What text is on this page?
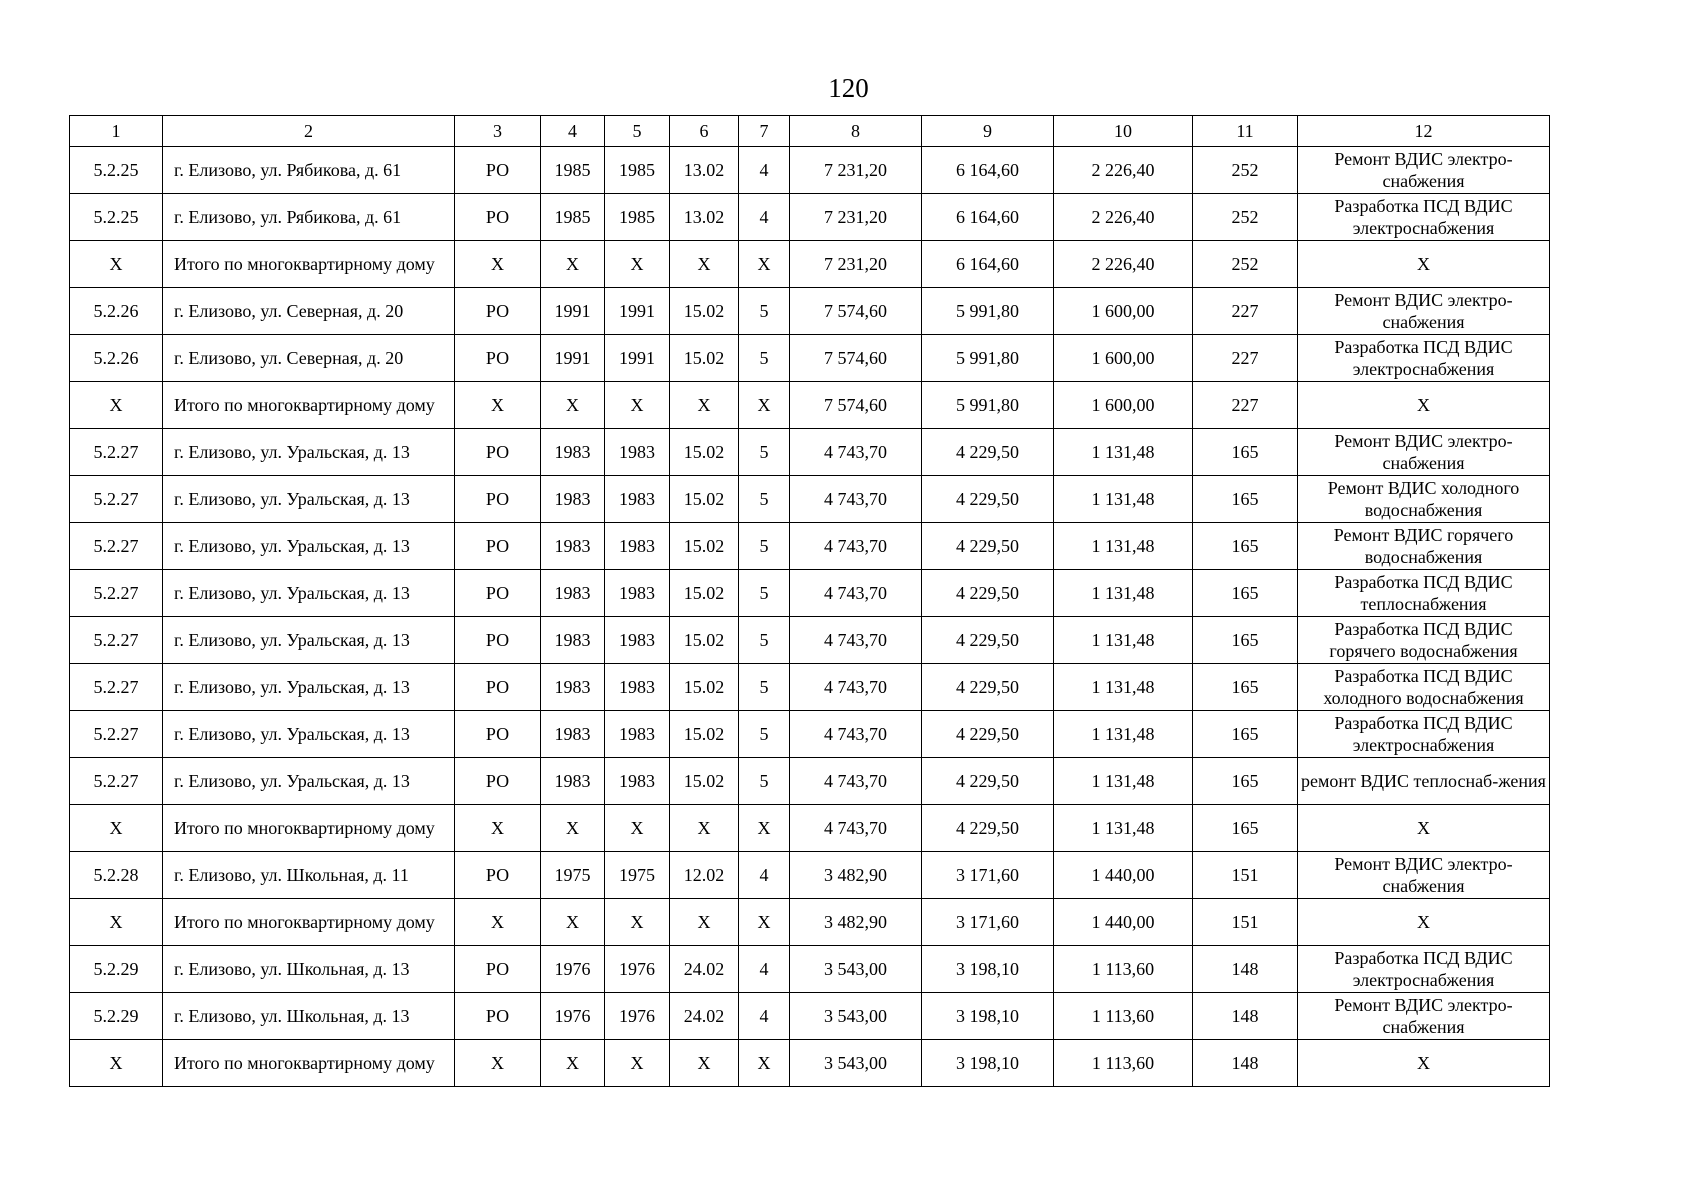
120
1	2	3	4	5	6	7	8	9	10	11	12
5.2.25	г. Елизово, ул. Рябикова, д. 61	РО	1985	1985	13.02	4	7 231,20	6 164,60	2 226,40	252	Ремонт ВДИС электро-снабжения
5.2.25	г. Елизово, ул. Рябикова, д. 61	РО	1985	1985	13.02	4	7 231,20	6 164,60	2 226,40	252	Разработка ПСД ВДИС электроснабжения
Х	Итого по многоквартирному дому	Х	Х	Х	Х	Х	7 231,20	6 164,60	2 226,40	252	Х
5.2.26	г. Елизово, ул. Северная, д. 20	РО	1991	1991	15.02	5	7 574,60	5 991,80	1 600,00	227	Ремонт ВДИС электро-снабжения
5.2.26	г. Елизово, ул. Северная, д. 20	РО	1991	1991	15.02	5	7 574,60	5 991,80	1 600,00	227	Разработка ПСД ВДИС электроснабжения
Х	Итого по многоквартирному дому	Х	Х	Х	Х	Х	7 574,60	5 991,80	1 600,00	227	Х
5.2.27	г. Елизово, ул. Уральская, д. 13	РО	1983	1983	15.02	5	4 743,70	4 229,50	1 131,48	165	Ремонт ВДИС электро-снабжения
5.2.27	г. Елизово, ул. Уральская, д. 13	РО	1983	1983	15.02	5	4 743,70	4 229,50	1 131,48	165	Ремонт ВДИС холодного водоснабжения
5.2.27	г. Елизово, ул. Уральская, д. 13	РО	1983	1983	15.02	5	4 743,70	4 229,50	1 131,48	165	Ремонт ВДИС горячего водоснабжения
5.2.27	г. Елизово, ул. Уральская, д. 13	РО	1983	1983	15.02	5	4 743,70	4 229,50	1 131,48	165	Разработка ПСД ВДИС теплоснабжения
5.2.27	г. Елизово, ул. Уральская, д. 13	РО	1983	1983	15.02	5	4 743,70	4 229,50	1 131,48	165	Разработка ПСД ВДИС горячего водоснабжения
5.2.27	г. Елизово, ул. Уральская, д. 13	РО	1983	1983	15.02	5	4 743,70	4 229,50	1 131,48	165	Разработка ПСД ВДИС холодного водоснабжения
5.2.27	г. Елизово, ул. Уральская, д. 13	РО	1983	1983	15.02	5	4 743,70	4 229,50	1 131,48	165	Разработка ПСД ВДИС электроснабжения
5.2.27	г. Елизово, ул. Уральская, д. 13	РО	1983	1983	15.02	5	4 743,70	4 229,50	1 131,48	165	ремонт ВДИС теплоснаб-жения
Х	Итого по многоквартирному дому	Х	Х	Х	Х	Х	4 743,70	4 229,50	1 131,48	165	Х
5.2.28	г. Елизово, ул. Школьная, д. 11	РО	1975	1975	12.02	4	3 482,90	3 171,60	1 440,00	151	Ремонт ВДИС электро-снабжения
Х	Итого по многоквартирному дому	Х	Х	Х	Х	Х	3 482,90	3 171,60	1 440,00	151	Х
5.2.29	г. Елизово, ул. Школьная, д. 13	РО	1976	1976	24.02	4	3 543,00	3 198,10	1 113,60	148	Разработка ПСД ВДИС электроснабжения
5.2.29	г. Елизово, ул. Школьная, д. 13	РО	1976	1976	24.02	4	3 543,00	3 198,10	1 113,60	148	Ремонт ВДИС электро-снабжения
Х	Итого по многоквартирному дому	Х	Х	Х	Х	Х	3 543,00	3 198,10	1 113,60	148	Х
